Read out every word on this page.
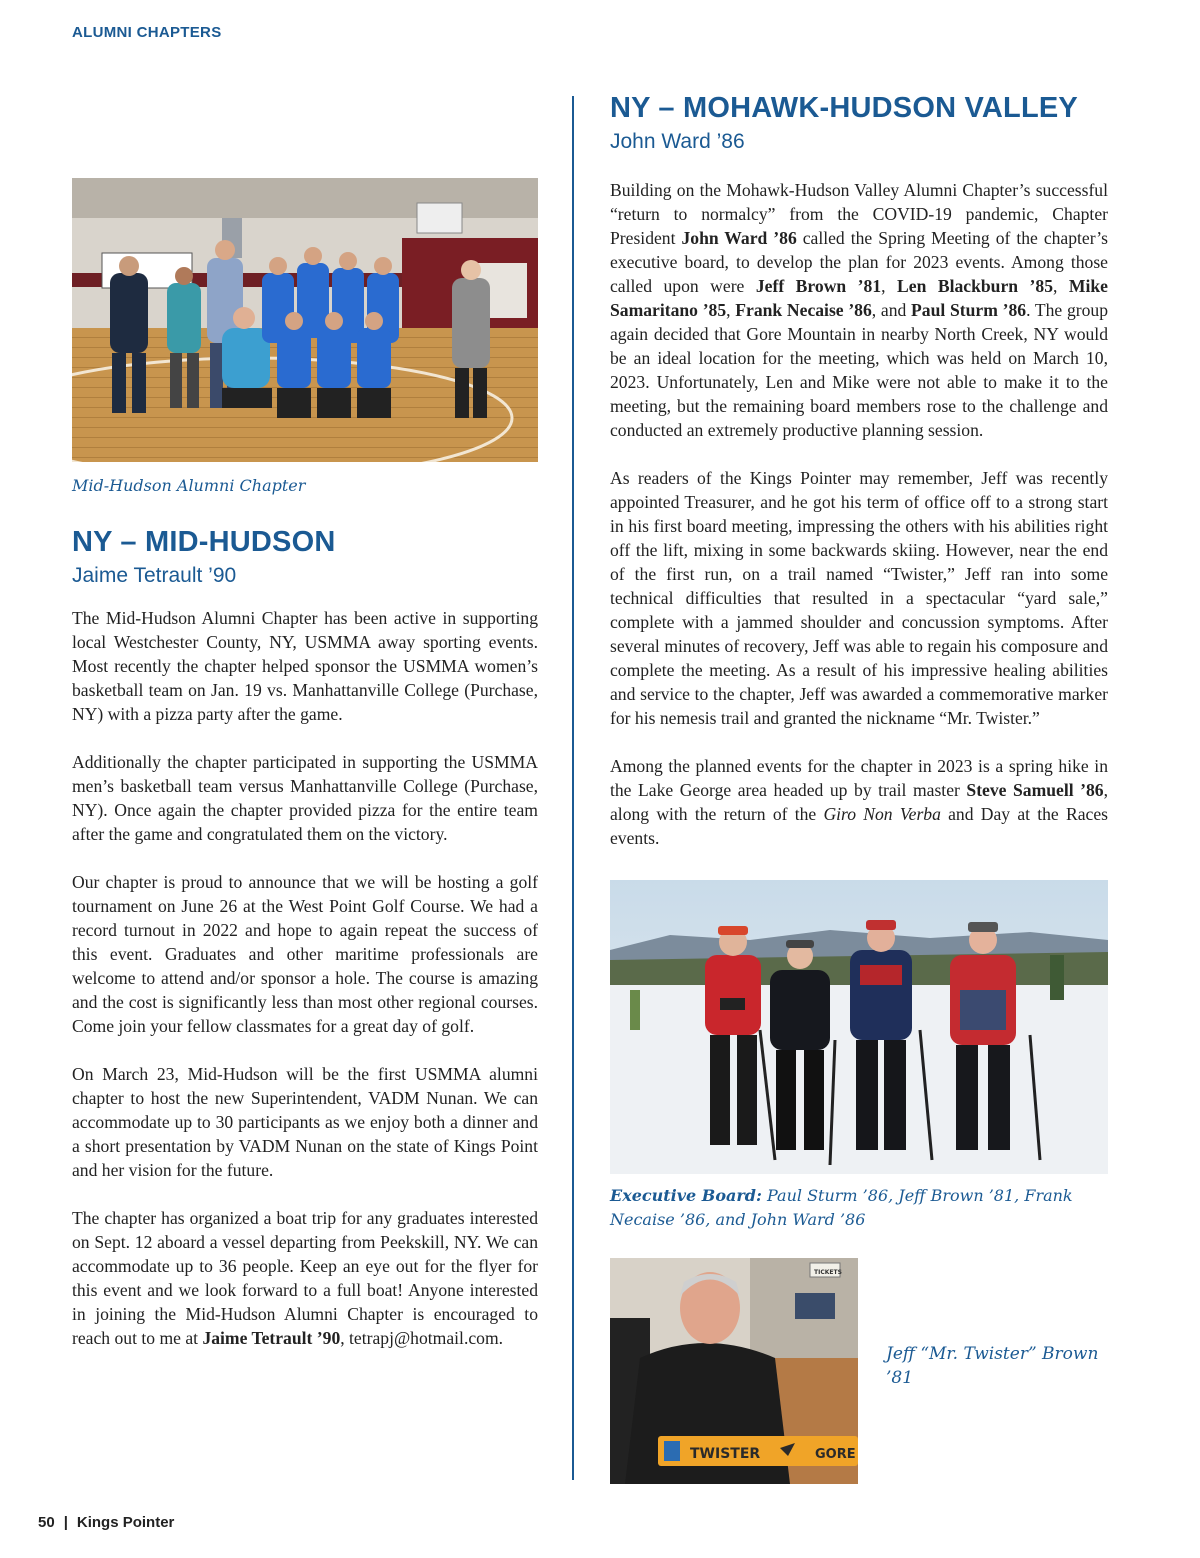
ALUMNI CHAPTERS
Mid-Hudson Alumni Chapter
NY – MID-HUDSON
Jaime Tetrault ’90

The Mid-Hudson Alumni Chapter has been active in supporting local Westchester County, NY, USMMA away sporting events. Most recently the chapter helped sponsor the USMMA women’s basketball team on Jan. 19 vs. Manhattanville College (Purchase, NY) with a pizza party after the game.

Additionally the chapter participated in supporting the USMMA men’s basketball team versus Manhattanville College (Purchase, NY). Once again the chapter provided pizza for the entire team after the game and congratulated them on the victory.

Our chapter is proud to announce that we will be hosting a golf tournament on June 26 at the West Point Golf Course. We had a record turnout in 2022 and hope to again repeat the success of this event. Graduates and other maritime professionals are welcome to attend and/or sponsor a hole. The course is amazing and the cost is significantly less than most other regional courses. Come join your fellow classmates for a great day of golf.

On March 23, Mid-Hudson will be the first USMMA alumni chapter to host the new Superintendent, VADM Nunan. We can accommodate up to 30 participants as we enjoy both a dinner and a short presentation by VADM Nunan on the state of Kings Point and her vision for the future.

The chapter has organized a boat trip for any graduates interested on Sept. 12 aboard a vessel departing from Peekskill, NY. We can accommodate up to 36 people. Keep an eye out for the flyer for this event and we look forward to a full boat! Anyone interested in joining the Mid-Hudson Alumni Chapter is encouraged to reach out to me at Jaime Tetrault ’90, tetrapj@hotmail.com.

NY – MOHAWK-HUDSON VALLEY
John Ward ’86

Building on the Mohawk-Hudson Valley Alumni Chapter’s successful “return to normalcy” from the COVID-19 pandemic, Chapter President John Ward ’86 called the Spring Meeting of the chapter’s executive board, to develop the plan for 2023 events. Among those called upon were Jeff Brown ’81, Len Blackburn ’85, Mike Samaritano ’85, Frank Necaise ’86, and Paul Sturm ’86. The group again decided that Gore Mountain in nearby North Creek, NY would be an ideal location for the meeting, which was held on March 10, 2023. Unfortunately, Len and Mike were not able to make it to the meeting, but the remaining board members rose to the challenge and conducted an extremely productive planning session.

As readers of the Kings Pointer may remember, Jeff was recently appointed Treasurer, and he got his term of office off to a strong start in his first board meeting, impressing the others with his abilities right off the lift, mixing in some backwards skiing. However, near the end of the first run, on a trail named “Twister,” Jeff ran into some technical difficulties that resulted in a spectacular “yard sale,” complete with a jammed shoulder and concussion symptoms. After several minutes of recovery, Jeff was able to regain his composure and complete the meeting. As a result of his impressive healing abilities and service to the chapter, Jeff was awarded a commemorative marker for his nemesis trail and granted the nickname “Mr. Twister.”

Among the planned events for the chapter in 2023 is a spring hike in the Lake George area headed up by trail master Steve Samuell ’86, along with the return of the Giro Non Verba and Day at the Races events.

Executive Board: Paul Sturm ’86, Jeff Brown ’81, Frank Necaise ’86, and John Ward ’86
TICKETS
TWISTER	GORE
Jeff “Mr. Twister” Brown ’81
50 | Kings Pointer
